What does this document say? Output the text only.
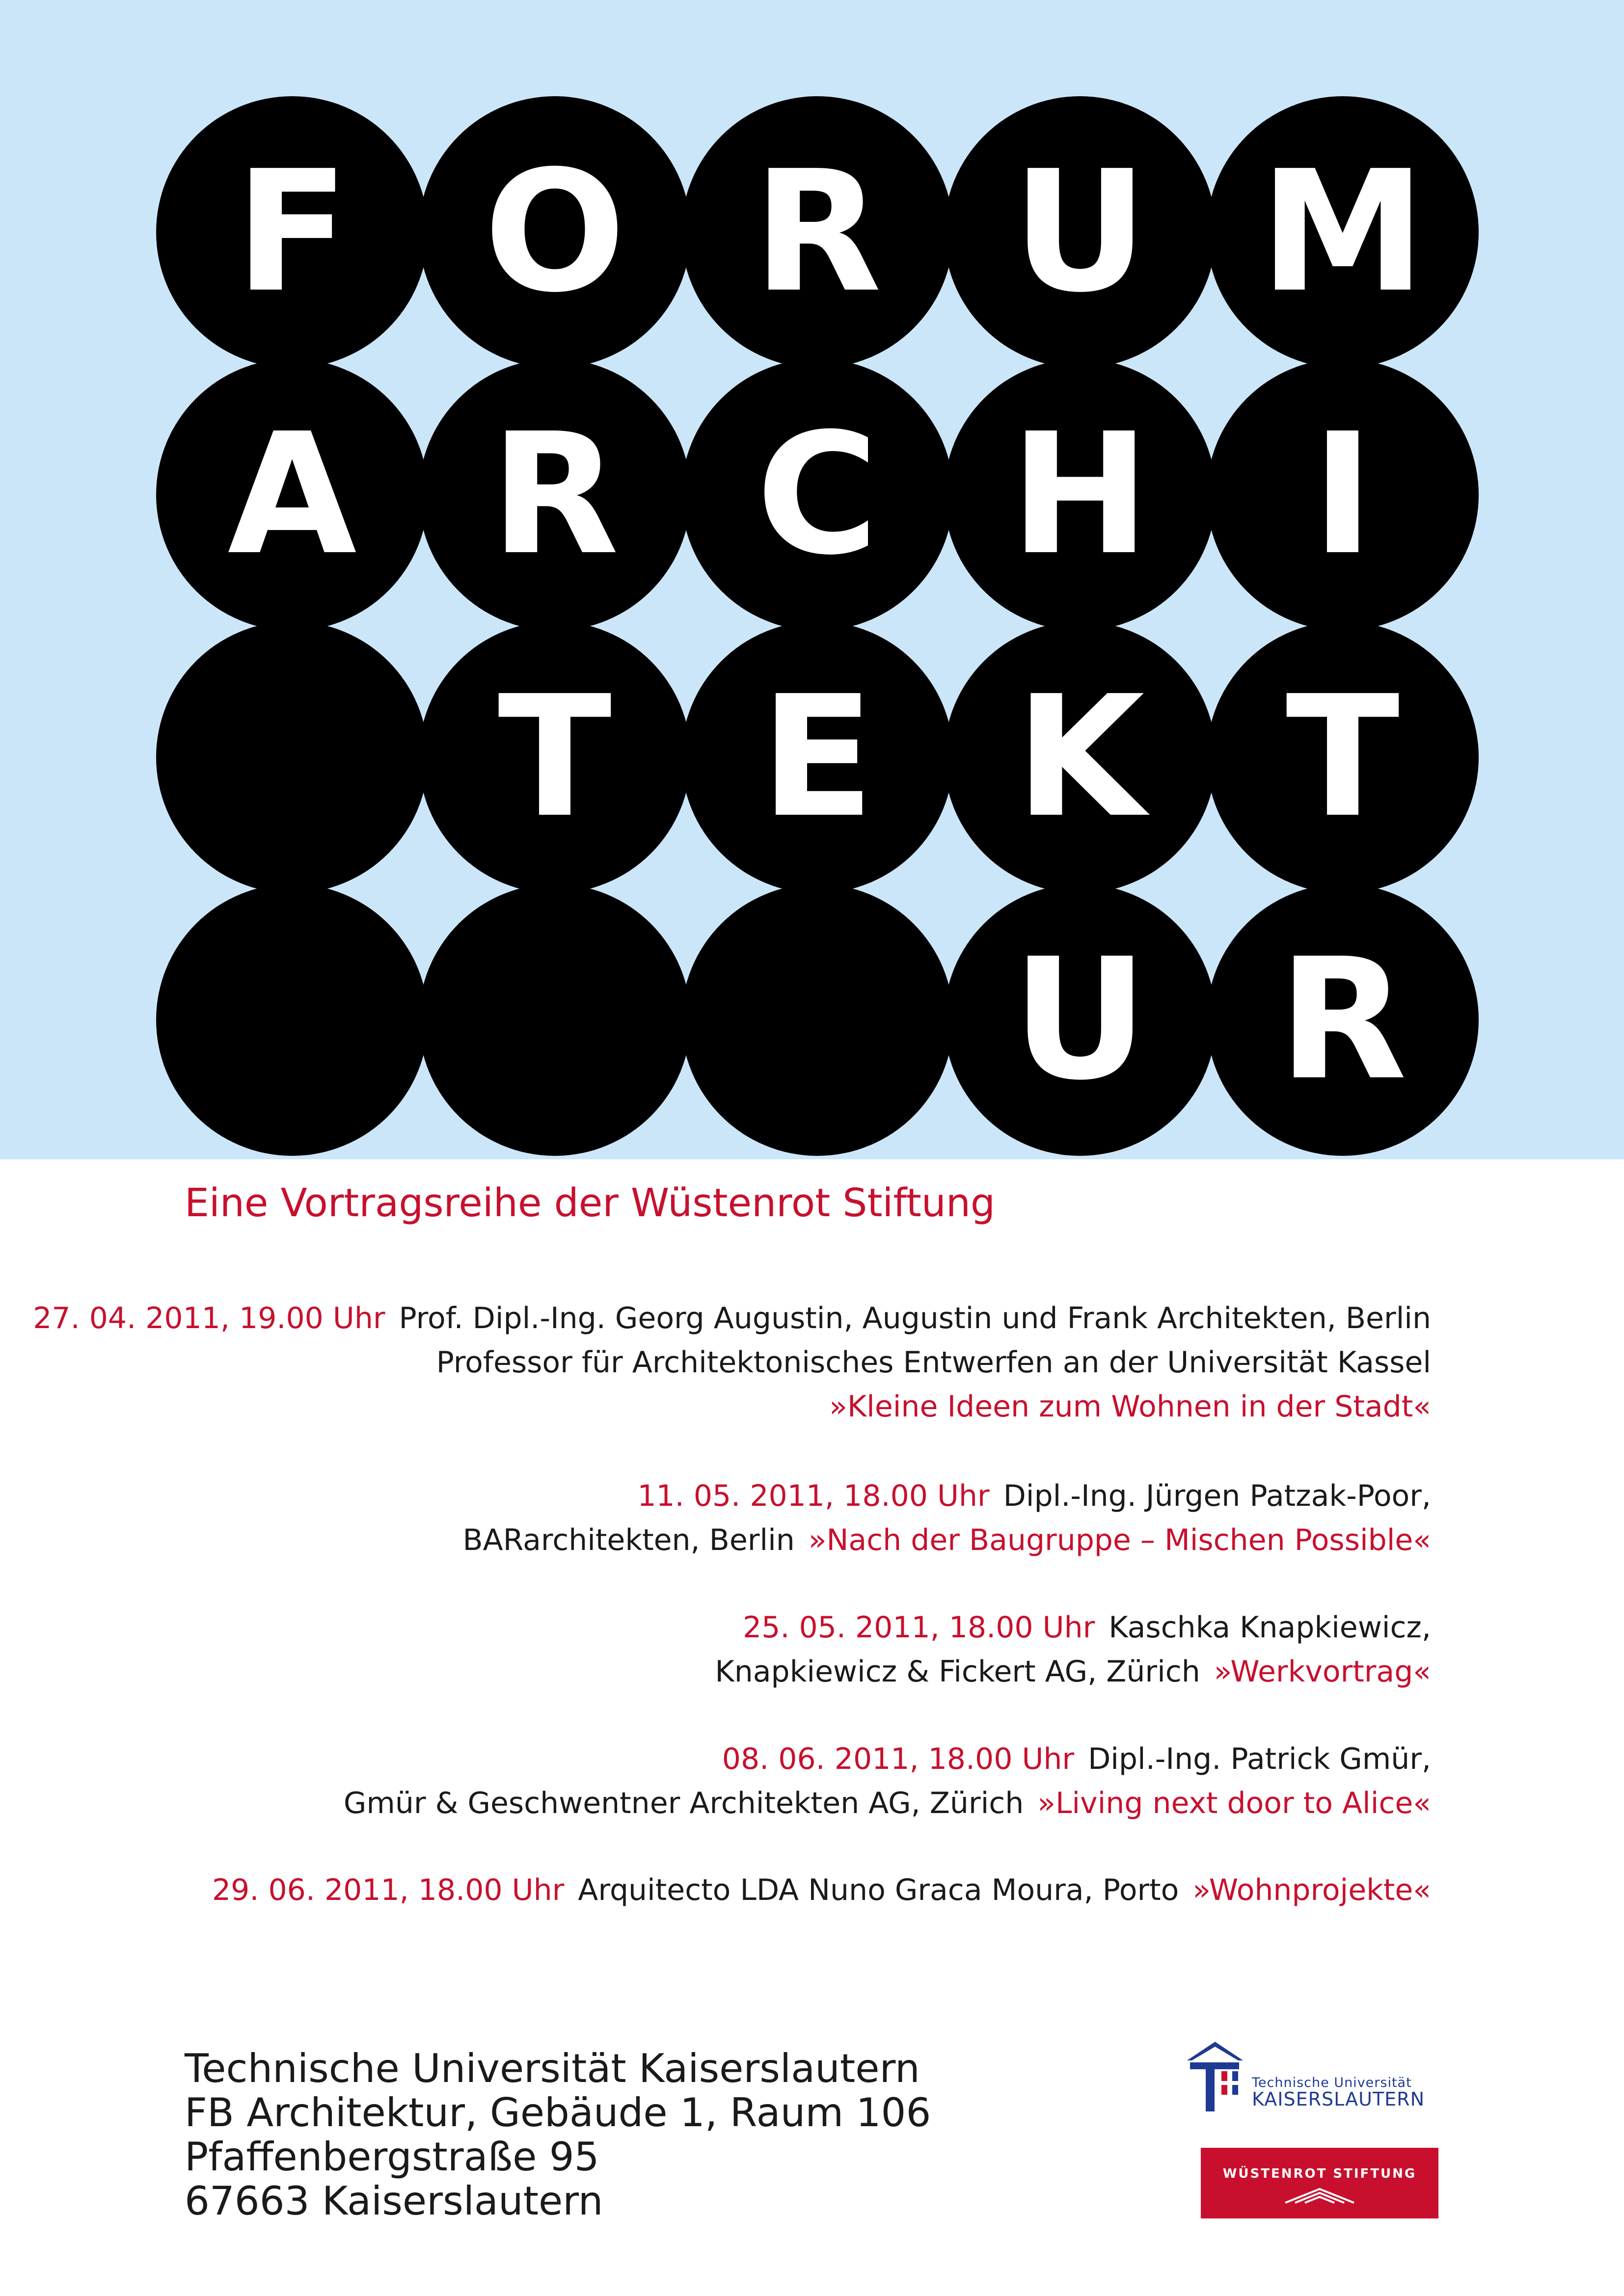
F O R U M
A R C H I
T E K T
U R
Eine Vortragsreihe der Wüstenrot Stiftung
27. 04. 2011, 19.00 Uhr Prof. Dipl.-Ing. Georg Augustin, Augustin und Frank Architekten, Berlin
Professor für Architektonisches Entwerfen an der Universität Kassel
»Kleine Ideen zum Wohnen in der Stadt«
11. 05. 2011, 18.00 Uhr Dipl.-Ing. Jürgen Patzak-Poor,
BARarchitekten, Berlin »Nach der Baugruppe – Mischen Possible«
25. 05. 2011, 18.00 Uhr Kaschka Knapkiewicz,
Knapkiewicz & Fickert AG, Zürich »Werkvortrag«
08. 06. 2011, 18.00 Uhr Dipl.-Ing. Patrick Gmür,
Gmür & Geschwentner Architekten AG, Zürich »Living next door to Alice«
29. 06. 2011, 18.00 Uhr Arquitecto LDA Nuno Graca Moura, Porto »Wohnprojekte«
Technische Universität Kaiserslautern
FB Architektur, Gebäude 1, Raum 106
Pfaffenbergstraße 95
67663 Kaiserslautern
Technische Universität
KAISERSLAUTERN
WÜSTENROT STIFTUNG
